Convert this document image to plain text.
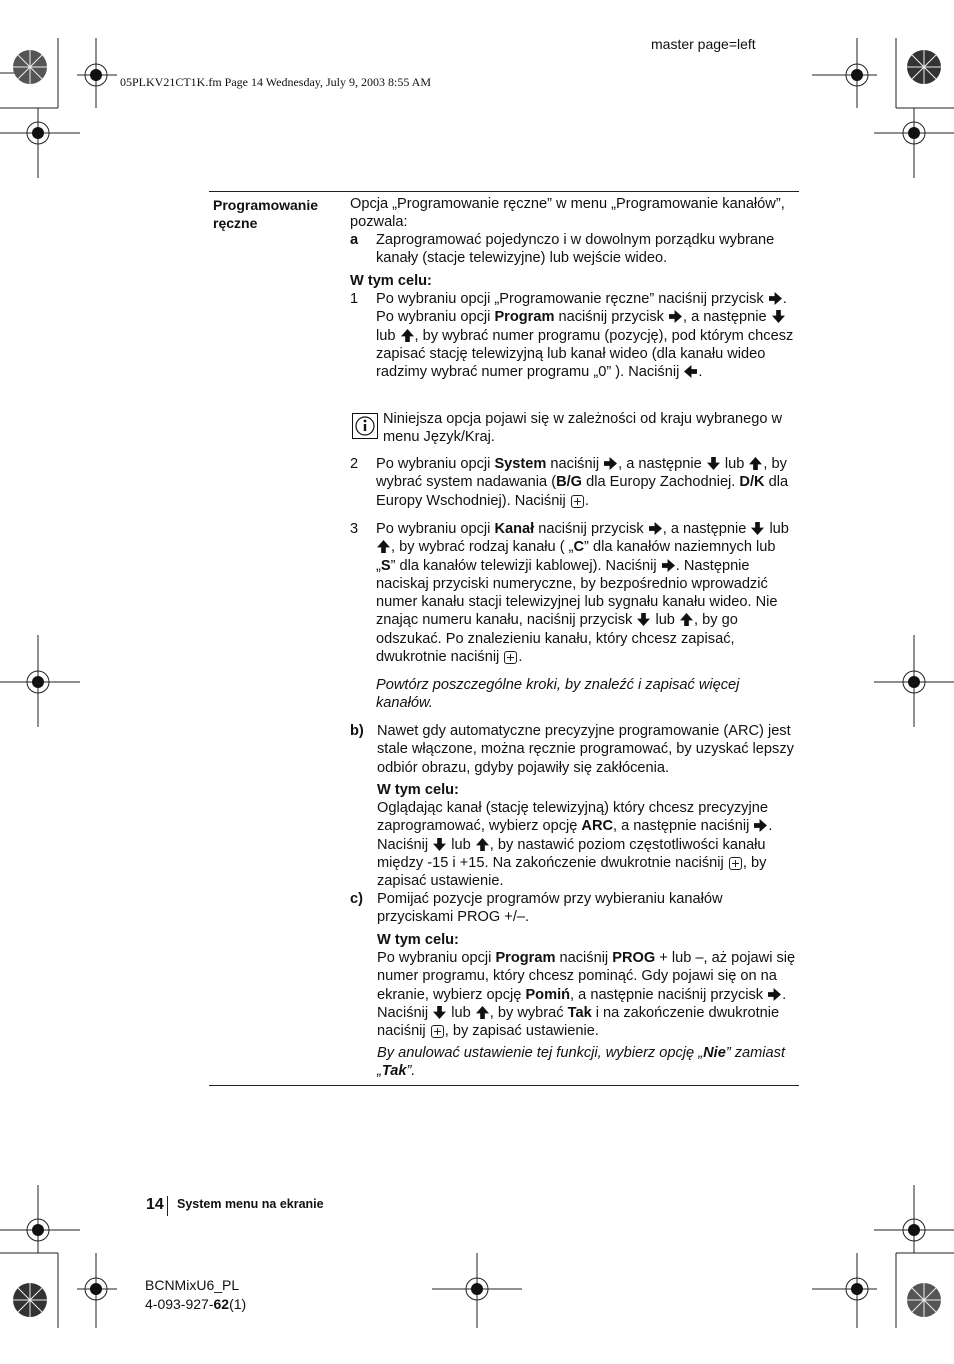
master page=left
05PLKV21CT1K.fm Page 14 Wednesday, July 9, 2003 8:55 AM
Programowanie ręczne
Opcja „Programowanie ręczne” w menu „Programowanie kanałów”, pozwala:
a Zaprogramować pojedynczo i w dowolnym porządku wybrane kanały (stacje telewizyjne) lub wejście wideo.
W tym celu:
1 Po wybraniu opcji „Programowanie ręczne” naciśnij przycisk . Po wybraniu opcji Program naciśnij przycisk , a następnie  lub , by wybrać numer programu (pozycję), pod którym chcesz zapisać stację telewizyjną lub kanał wideo (dla kanału wideo radzimy wybrać numer programu „0” ). Naciśnij .
Niniejsza opcja pojawi się w zależności od kraju wybranego w menu Język/Kraj.
2 Po wybraniu opcji System naciśnij , a następnie lub , by wybrać system nadawania (B/G dla Europy Zachodniej. D/K dla Europy Wschodniej). Naciśnij .
3 Po wybraniu opcji Kanał naciśnij przycisk , a następnie lub , by wybrać rodzaj kanału ( „C” dla kanałów naziemnych lub „S” dla kanałów telewizji kablowej). Naciśnij . Następnie naciskaj przyciski numeryczne, by bezpośrednio wprowadzić numer kanału stacji telewizyjnej lub sygnału kanału wideo. Nie znając numeru kanału, naciśnij przycisk lub , by go odszukać. Po znalezieniu kanału, który chcesz zapisać, dwukrotnie naciśnij .
Powtórz poszczególne kroki, by znaleźć i zapisać więcej kanałów.
b) Nawet gdy automatyczne precyzyjne programowanie (ARC) jest stale włączone, można ręcznie programować, by uzyskać lepszy odbiór obrazu, gdyby pojawiły się zakłócenia.
W tym celu:
Oglądając kanał (stację telewizyjną) który chcesz precyzyjne zaprogramować, wybierz opcję ARC, a następnie naciśnij . Naciśnij lub , by nastawić poziom częstotliwości kanału między -15 i +15. Na zakończenie dwukrotnie naciśnij , by zapisać ustawienie.
c) Pomijać pozycje programów przy wybieraniu kanałów przyciskami PROG +/–.
W tym celu:
Po wybraniu opcji Program naciśnij PROG + lub –, aż pojawi się numer programu, który chcesz pominąć. Gdy pojawi się on na ekranie, wybierz opcję Pomiń, a następnie naciśnij przycisk . Naciśnij lub , by wybrać Tak i na zakończenie dwukrotnie naciśnij , by zapisać ustawienie.
By anulować ustawienie tej funkcji, wybierz opcję „Nie” zamiast „Tak”.
14 System menu na ekranie
BCNMixU6_PL
4-093-927-62(1)
